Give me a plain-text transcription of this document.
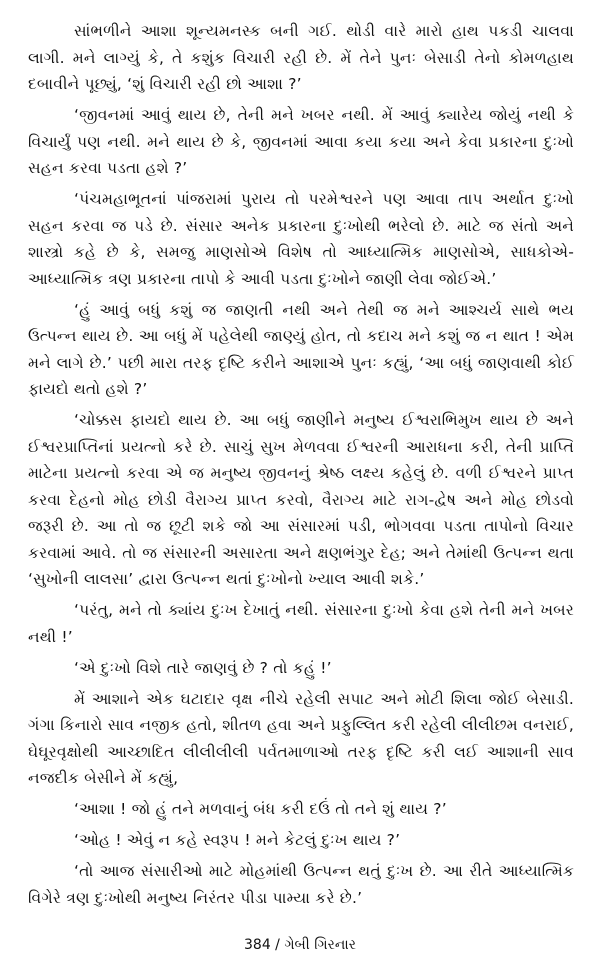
સાંભળીને આશા શૂન્યમનસ્ક બની ગઈ. થોડી વારે મારો હાથ પકડી ચાલવા લાગી. મને લાગ્યું કે, તે કશુંક વિચારી રહી છે. મેં તેને પુનઃ બેસાડી તેનો કોમળહાથ દબાવીને પૂછ્યું, ‘શું વિચારી રહી છો આશા ?’

‘જીવનમાં આવું થાય છે, તેની મને ખબર નથી. મેં આવું ક્યારેય જોયું નથી કે વિચાર્યું પણ નથી. મને થાય છે કે, જીવનમાં આવા કયા કયા અને કેવા પ્રકારના દુઃખો સહન કરવા પડતા હશે ?’

‘પંચમહાભૂતનાં પાંજરામાં પુરાય તો પરમેશ્વરને પણ આવા તાપ અર્થાત દુઃખો સહન કરવા જ પડે છે. સંસાર અનેક પ્રકારના દુઃખોથી ભરેલો છે. માટે જ સંતો અને શાસ્ત્રો કહે છે કે, સમજુ માણસોએ વિશેષ તો આધ્યાત્મિક માણસોએ, સાધકોએ- આધ્યાત્મિક ત્રણ પ્રકારના તાપો કે આવી પડતા દુઃખોને જાણી લેવા જોઈએ.’

‘હું આવું બધું કશું જ જાણતી નથી અને તેથી જ મને આશ્ચર્ય સાથે ભય ઉત્પન્ન થાય છે. આ બધું મેં પહેલેથી જાણ્યું હોત, તો કદાચ મને કશું જ ન થાત ! એમ મને લાગે છે.’ પછી મારા તરફ દૃષ્ટિ કરીને આશાએ પુનઃ કહ્યું, ‘આ બધું જાણવાથી કોઈ ફાયદો થતો હશે ?’

‘ચોક્કસ ફાયદો થાય છે. આ બધું જાણીને મનુષ્ય ઈશ્વરાભિમુખ થાય છે અને ઈશ્વરપ્રાપ્તિનાં પ્રયત્નો કરે છે. સાચું સુખ મેળવવા ઈશ્વરની આરાધના કરી, તેની પ્રાપ્તિ માટેના પ્રયત્નો કરવા એ જ મનુષ્ય જીવનનું શ્રેષ્ઠ લક્ષ્ય કહેલું છે. વળી ઈશ્વરને પ્રાપ્ત કરવા દેહનો મોહ છોડી વૈરાગ્ય પ્રાપ્ત કરવો, વૈરાગ્ય માટે રાગ-દ્વેષ અને મોહ છોડવો જરૂરી છે. આ તો જ છૂટી શકે જો આ સંસારમાં પડી, ભોગવવા પડતા તાપોનો વિચાર કરવામાં આવે. તો જ સંસારની અસારતા અને ક્ષણભંગુર દેહ; અને તેમાંથી ઉત્પન્ન થતા ‘સુખોની લાલસા’ દ્વારા ઉત્પન્ન થતાં દુઃખોનો ખ્યાલ આવી શકે.’

‘પરંતુ, મને તો ક્યાંય દુઃખ દેખાતું નથી. સંસારના દુઃખો કેવા હશે તેની મને ખબર નથી !’

‘એ દુઃખો વિશે તારે જાણવું છે ? તો કહું !’

મેં આશાને એક ઘટાદાર વૃક્ષ નીચે રહેલી સપાટ અને મોટી શિલા જોઈ બેસાડી. ગંગા કિનારો સાવ નજીક હતો, શીતળ હવા અને પ્રફુલ્લિત કરી રહેલી લીલીછમ વનરાઈ, ઘેઘૂરવૃક્ષોથી આચ્છાદિત લીલીલીલી પર્વતમાળાઓ તરફ દૃષ્ટિ કરી લઈ આશાની સાવ નજદીક બેસીને મેં કહ્યું,

‘આશા ! જો હું તને મળવાનું બંધ કરી દઉં તો તને શું થાય ?’

‘ઓહ ! એવું ન કહે સ્વરૂપ ! મને કેટલું દુઃખ થાય ?’

‘તો આજ સંસારીઓ માટે મોહમાંથી ઉત્પન્ન થતું દુઃખ છે. આ રીતે આધ્યાત્મિક વિગેરે ત્રણ દુઃખોથી મનુષ્ય નિરંતર પીડા પામ્યા કરે છે.’

384 / ગેબી ગિરનાર
